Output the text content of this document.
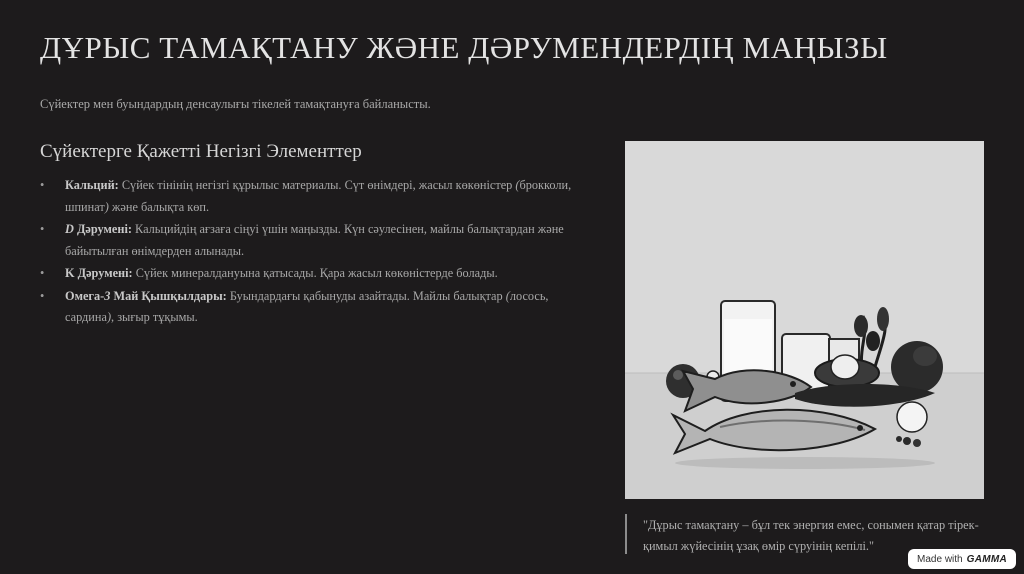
ДҰРЫС ТАМАҚТАНУ ЖӘНЕ ДӘРУМЕНДЕРДІҢ МАҢЫЗЫ

Сүйектер мен буындардың денсаулығы тікелей тамақтануға байланысты.

Сүйектерге Қажетті Негізгі Элементтер
• Кальций: Сүйек тінінің негізгі құрылыс материалы. Сүт өнімдері, жасыл көкөністер (брокколи, шпинат) және балықта көп.
• D Дәрумені: Кальцийдің ағзаға сіңуі үшін маңызды. Күн сәулесінен, майлы балықтардан және байытылған өнімдерден алынады.
• K Дәрумені: Сүйек минералдануына қатысады. Қара жасыл көкөністерде болады.
• Омега-3 Май Қышқылдары: Буындардағы қабынуды азайтады. Майлы балықтар (лосось, сардина), зығыр тұқымы.

"Дұрыс тамақтану – бұл тек энергия емес, сонымен қатар тірек-қимыл жүйесінің ұзақ өмір сүруінің кепілі."

Made with GAMMA
